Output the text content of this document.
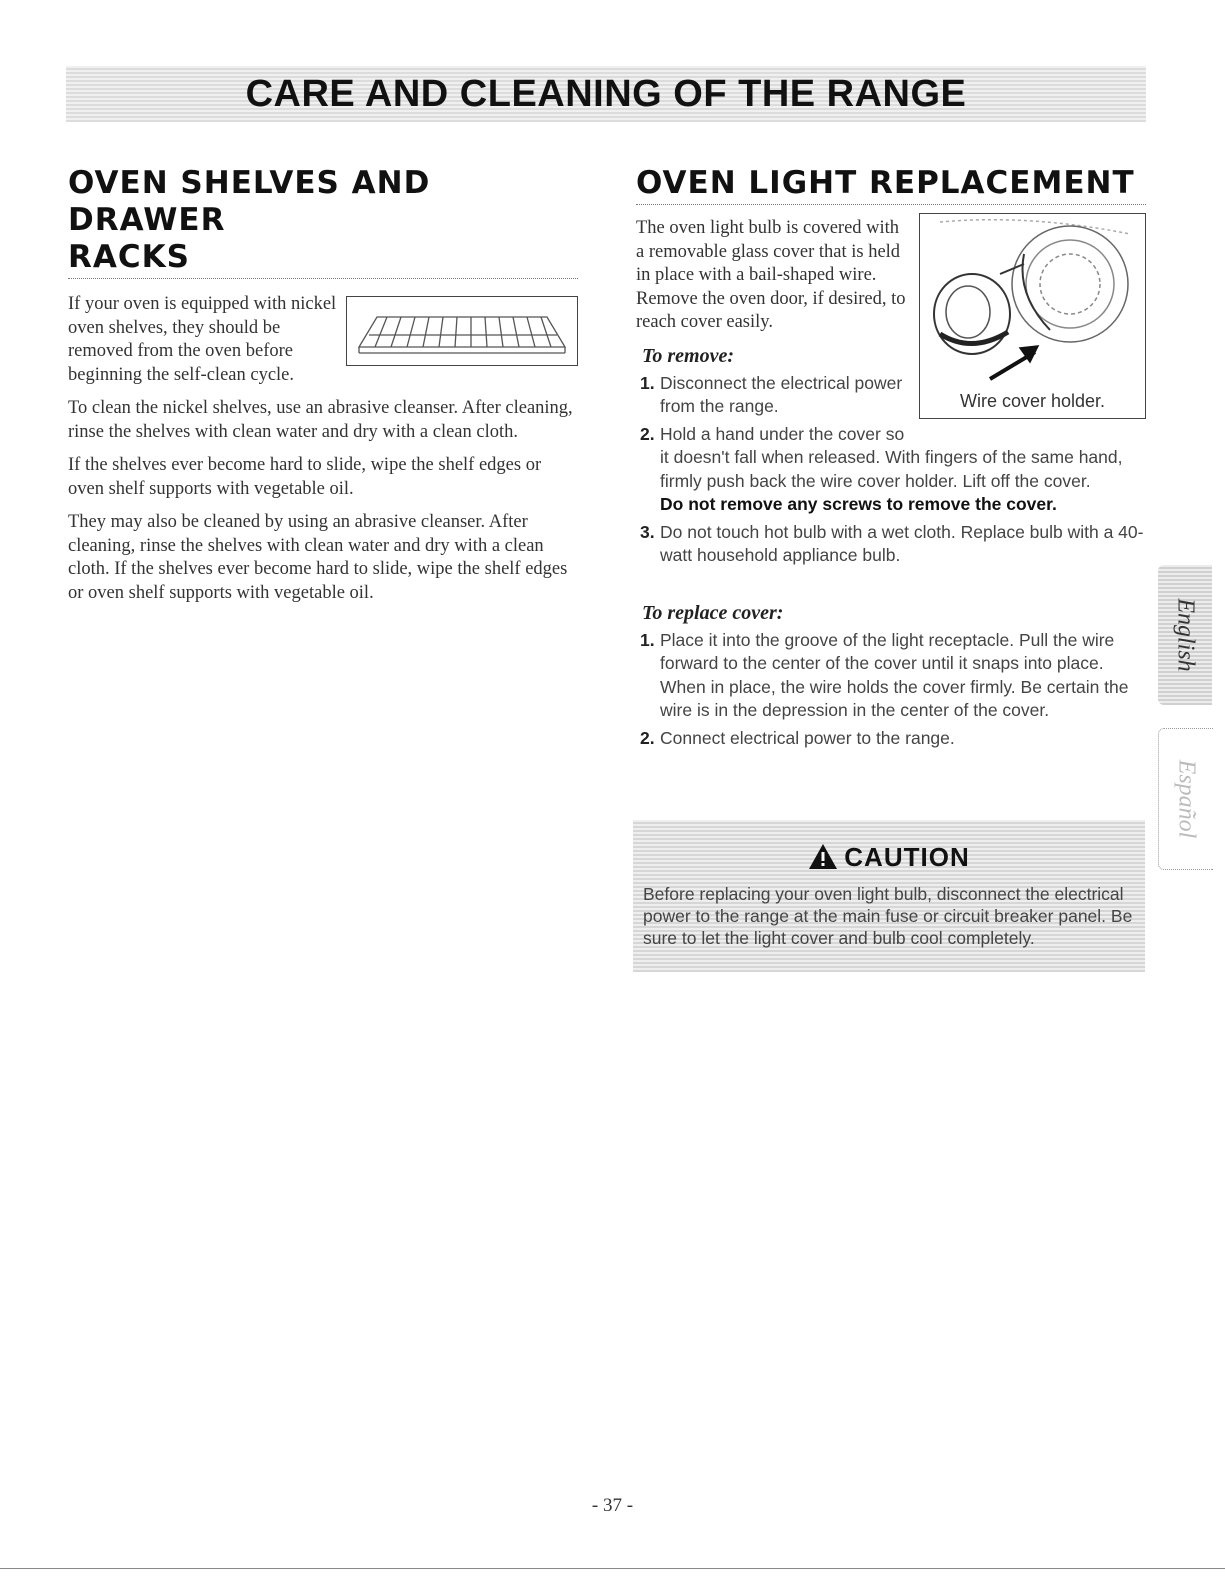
CARE AND CLEANING OF THE RANGE
OVEN SHELVES AND DRAWER
RACKS

If your oven is equipped with nickel oven shelves, they should be removed from the oven before beginning the self-clean cycle.

To clean the nickel shelves, use an abrasive cleanser. After cleaning, rinse the shelves with clean water and dry with a clean cloth.

If the shelves ever become hard to slide, wipe the shelf edges or oven shelf supports with vegetable oil.

They may also be cleaned by using an abrasive cleanser. After cleaning, rinse the shelves with clean water and dry with a clean cloth. If the shelves ever become hard to slide, wipe the shelf edges or oven shelf supports with vegetable oil.

OVEN LIGHT REPLACEMENT
Wire cover holder.

The oven light bulb is covered with a removable glass cover that is held in place with a bail-shaped wire. Remove the oven door, if desired, to reach cover easily.

To remove:
1. Disconnect the electrical power from the range.
2. Hold a hand under the cover so it doesn't fall when released. With fingers of the same hand, firmly push back the wire cover holder. Lift off the cover.
Do not remove any screws to remove the cover.
3. Do not touch hot bulb with a wet cloth. Replace bulb with a 40-watt household appliance bulb.
To replace cover:
1. Place it into the groove of the light receptacle. Pull the wire forward to the center of the cover until it snaps into place. When in place, the wire holds the cover firmly. Be certain the wire is in the depression in the center of the cover.
2. Connect electrical power to the range.
CAUTION
Before replacing your oven light bulb, disconnect the electrical power to the range at the main fuse or circuit breaker panel. Be sure to let the light cover and bulb cool completely.
English
Español
- 37 -
